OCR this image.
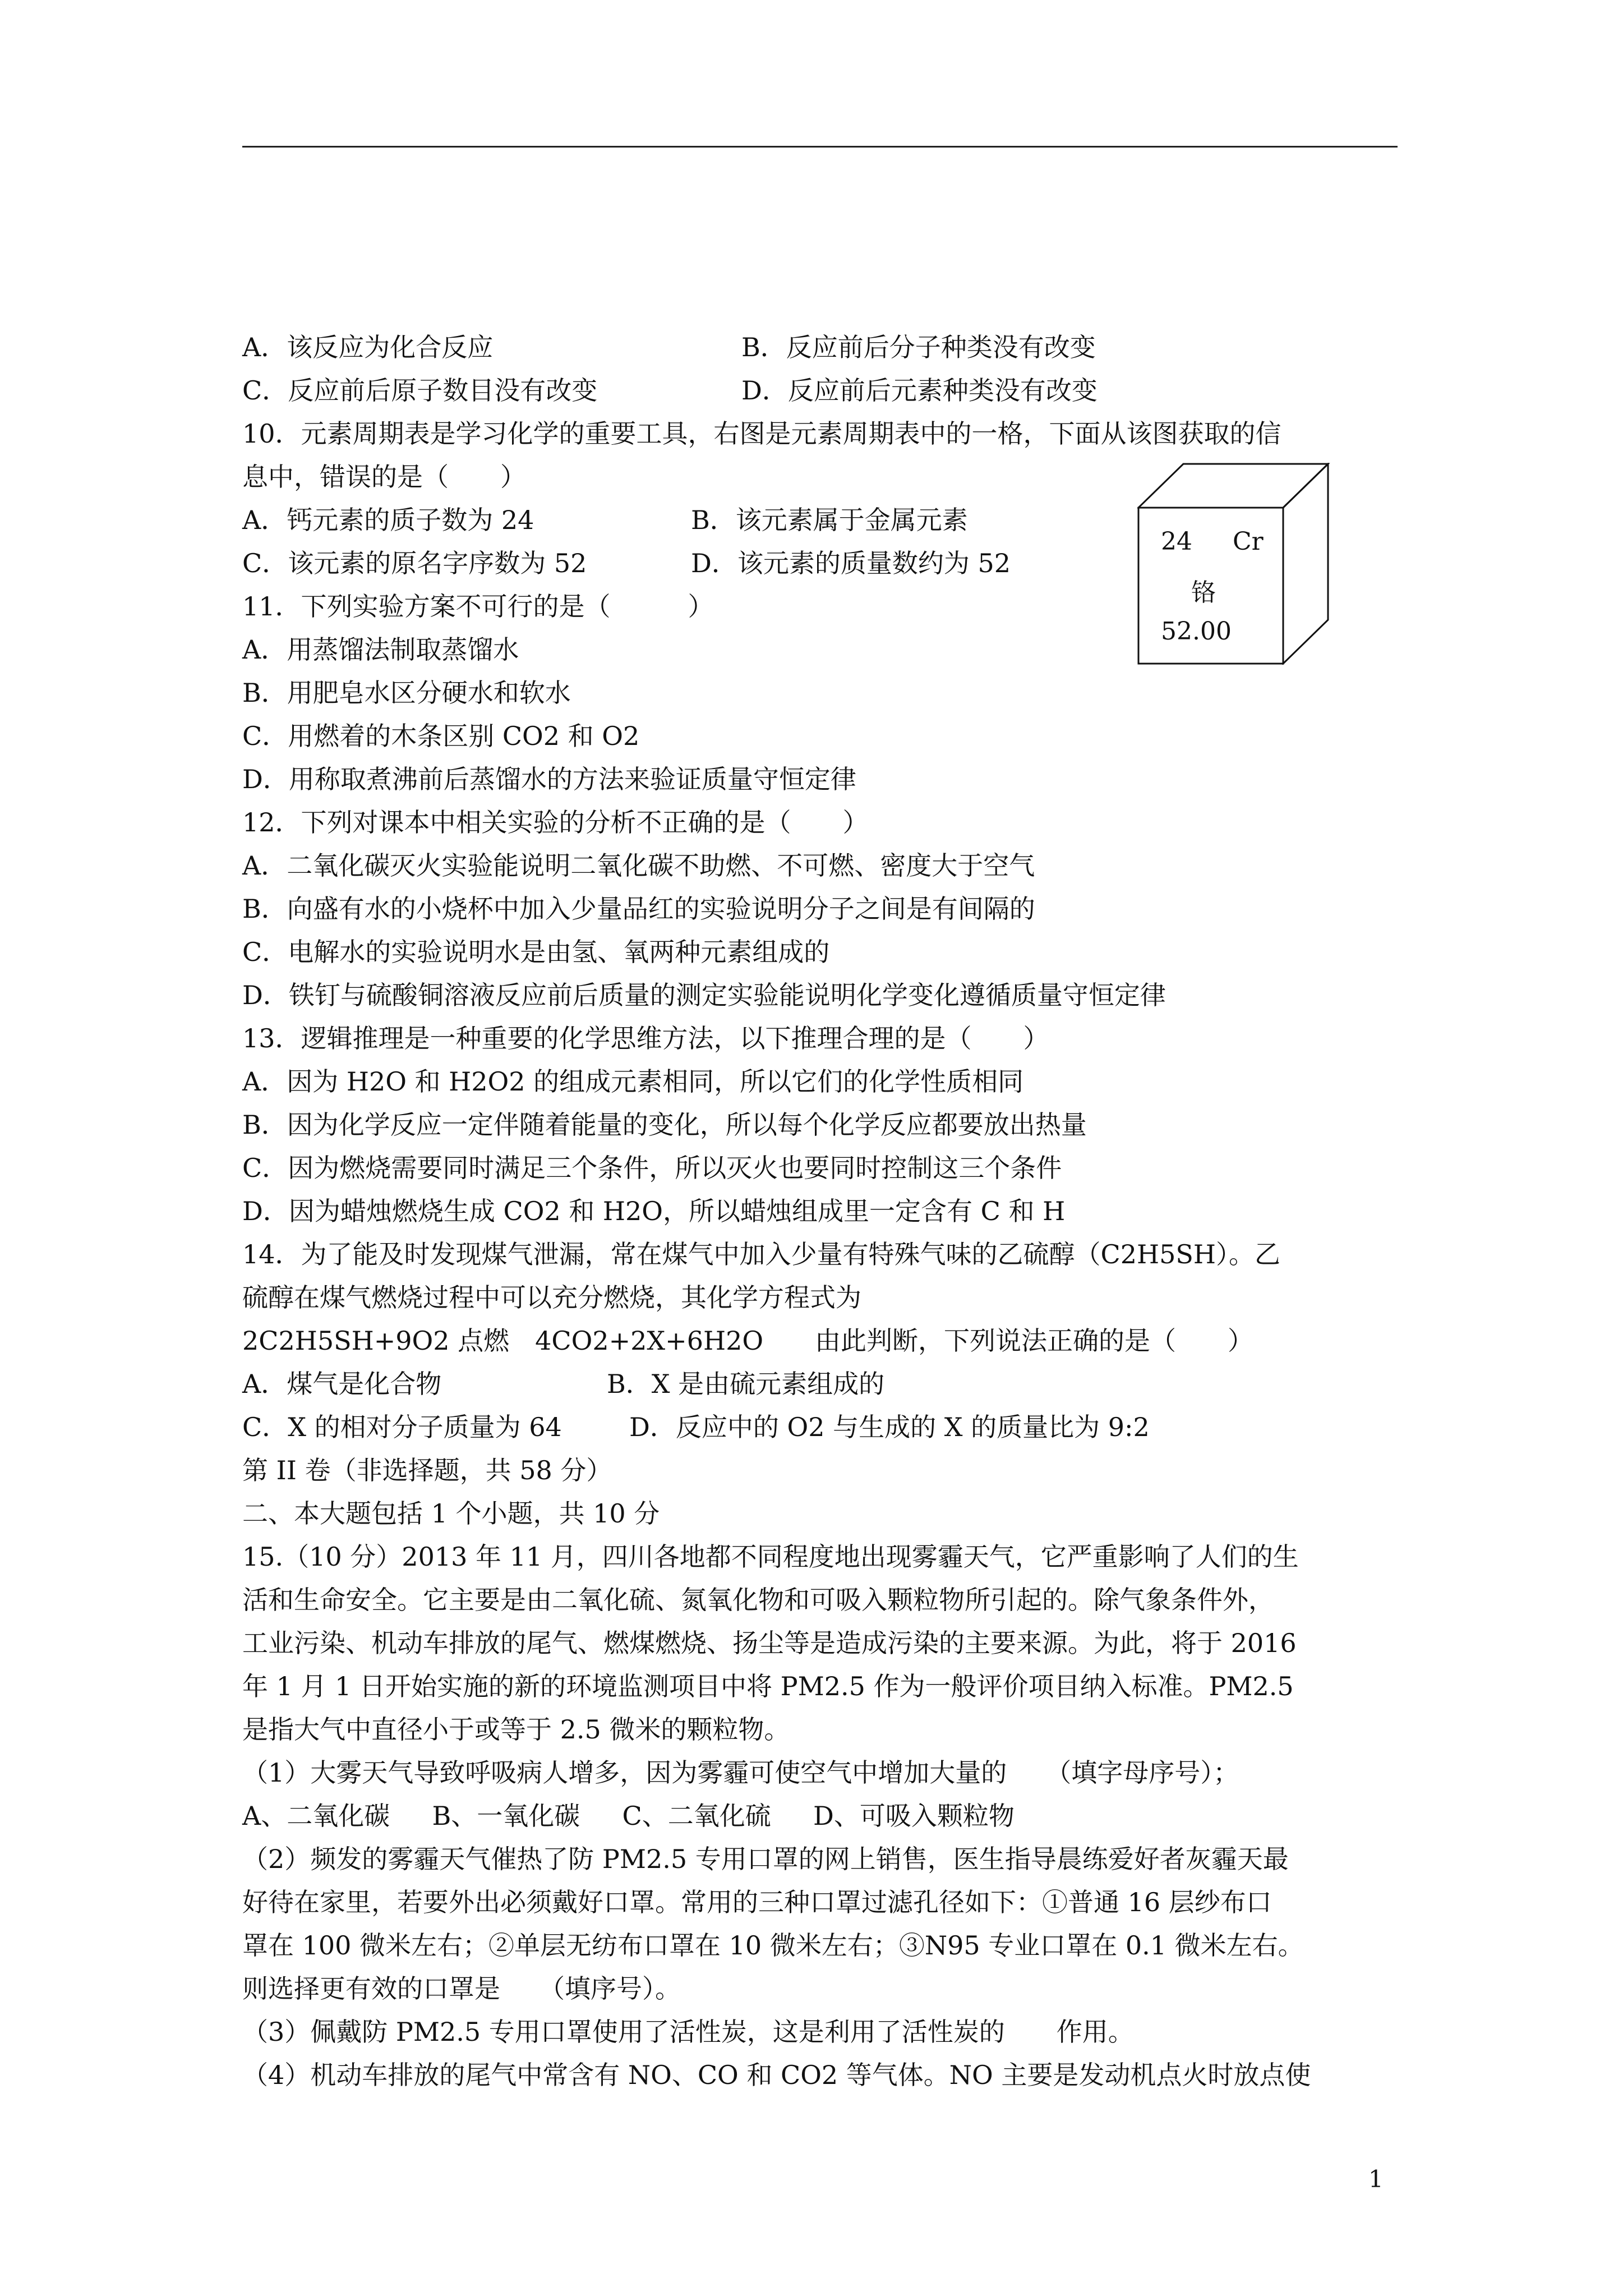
A．该反应为化合反应	B．反应前后分子种类没有改变
C．反应前后原子数目没有改变	D．反应前后元素种类没有改变
10．元素周期表是学习化学的重要工具，右图是元素周期表中的一格，下面从该图获取的信
息中，错误的是（　　）
A．钙元素的质子数为 24	B．该元素属于金属元素
C．该元素的原名字序数为 52	D．该元素的质量数约为 52
24 Cr
铬
52.00
11．下列实验方案不可行的是（　　　）
A．用蒸馏法制取蒸馏水
B．用肥皂水区分硬水和软水
C．用燃着的木条区别 CO2 和 O2
D．用称取煮沸前后蒸馏水的方法来验证质量守恒定律
12．下列对课本中相关实验的分析不正确的是（　　）
A．二氧化碳灭火实验能说明二氧化碳不助燃、不可燃、密度大于空气
B．向盛有水的小烧杯中加入少量品红的实验说明分子之间是有间隔的
C．电解水的实验说明水是由氢、氧两种元素组成的
D．铁钉与硫酸铜溶液反应前后质量的测定实验能说明化学变化遵循质量守恒定律
13．逻辑推理是一种重要的化学思维方法，以下推理合理的是（　　）
A．因为 H2O 和 H2O2 的组成元素相同，所以它们的化学性质相同
B．因为化学反应一定伴随着能量的变化，所以每个化学反应都要放出热量
C．因为燃烧需要同时满足三个条件，所以灭火也要同时控制这三个条件
D．因为蜡烛燃烧生成 CO2 和 H2O，所以蜡烛组成里一定含有 C 和 H
14．为了能及时发现煤气泄漏，常在煤气中加入少量有特殊气味的乙硫醇（C2H5SH）。乙
硫醇在煤气燃烧过程中可以充分燃烧，其化学方程式为
2C2H5SH+9O2 点燃　4CO2+2X+6H2O　　由此判断，下列说法正确的是（　　）
A．煤气是化合物	B．X 是由硫元素组成的
C．X 的相对分子质量为 64	D．反应中的 O2 与生成的 X 的质量比为 9:2
第 II 卷（非选择题，共 58 分）
二、本大题包括 1 个小题，共 10 分
15.（10 分）2013 年 11 月，四川各地都不同程度地出现雾霾天气，它严重影响了人们的生
活和生命安全。它主要是由二氧化硫、氮氧化物和可吸入颗粒物所引起的。除气象条件外，
工业污染、机动车排放的尾气、燃煤燃烧、扬尘等是造成污染的主要来源。为此，将于 2016
年 1 月 1 日开始实施的新的环境监测项目中将 PM2.5 作为一般评价项目纳入标准。PM2.5
是指大气中直径小于或等于 2.5 微米的颗粒物。
（1）大雾天气导致呼吸病人增多，因为雾霾可使空气中增加大量的　　（填字母序号）；
A、二氧化碳　  B、一氧化碳　  C、二氧化硫　  D、可吸入颗粒物
（2）频发的雾霾天气催热了防 PM2.5 专用口罩的网上销售，医生指导晨练爱好者灰霾天最
好待在家里，若要外出必须戴好口罩。常用的三种口罩过滤孔径如下：①普通 16 层纱布口
罩在 100 微米左右；②单层无纺布口罩在 10 微米左右；③N95 专业口罩在 0.1 微米左右。
则选择更有效的口罩是　　（填序号）。
（3）佩戴防 PM2.5 专用口罩使用了活性炭，这是利用了活性炭的　　作用。
（4）机动车排放的尾气中常含有 NO、CO 和 CO2 等气体。NO 主要是发动机点火时放点使
1
